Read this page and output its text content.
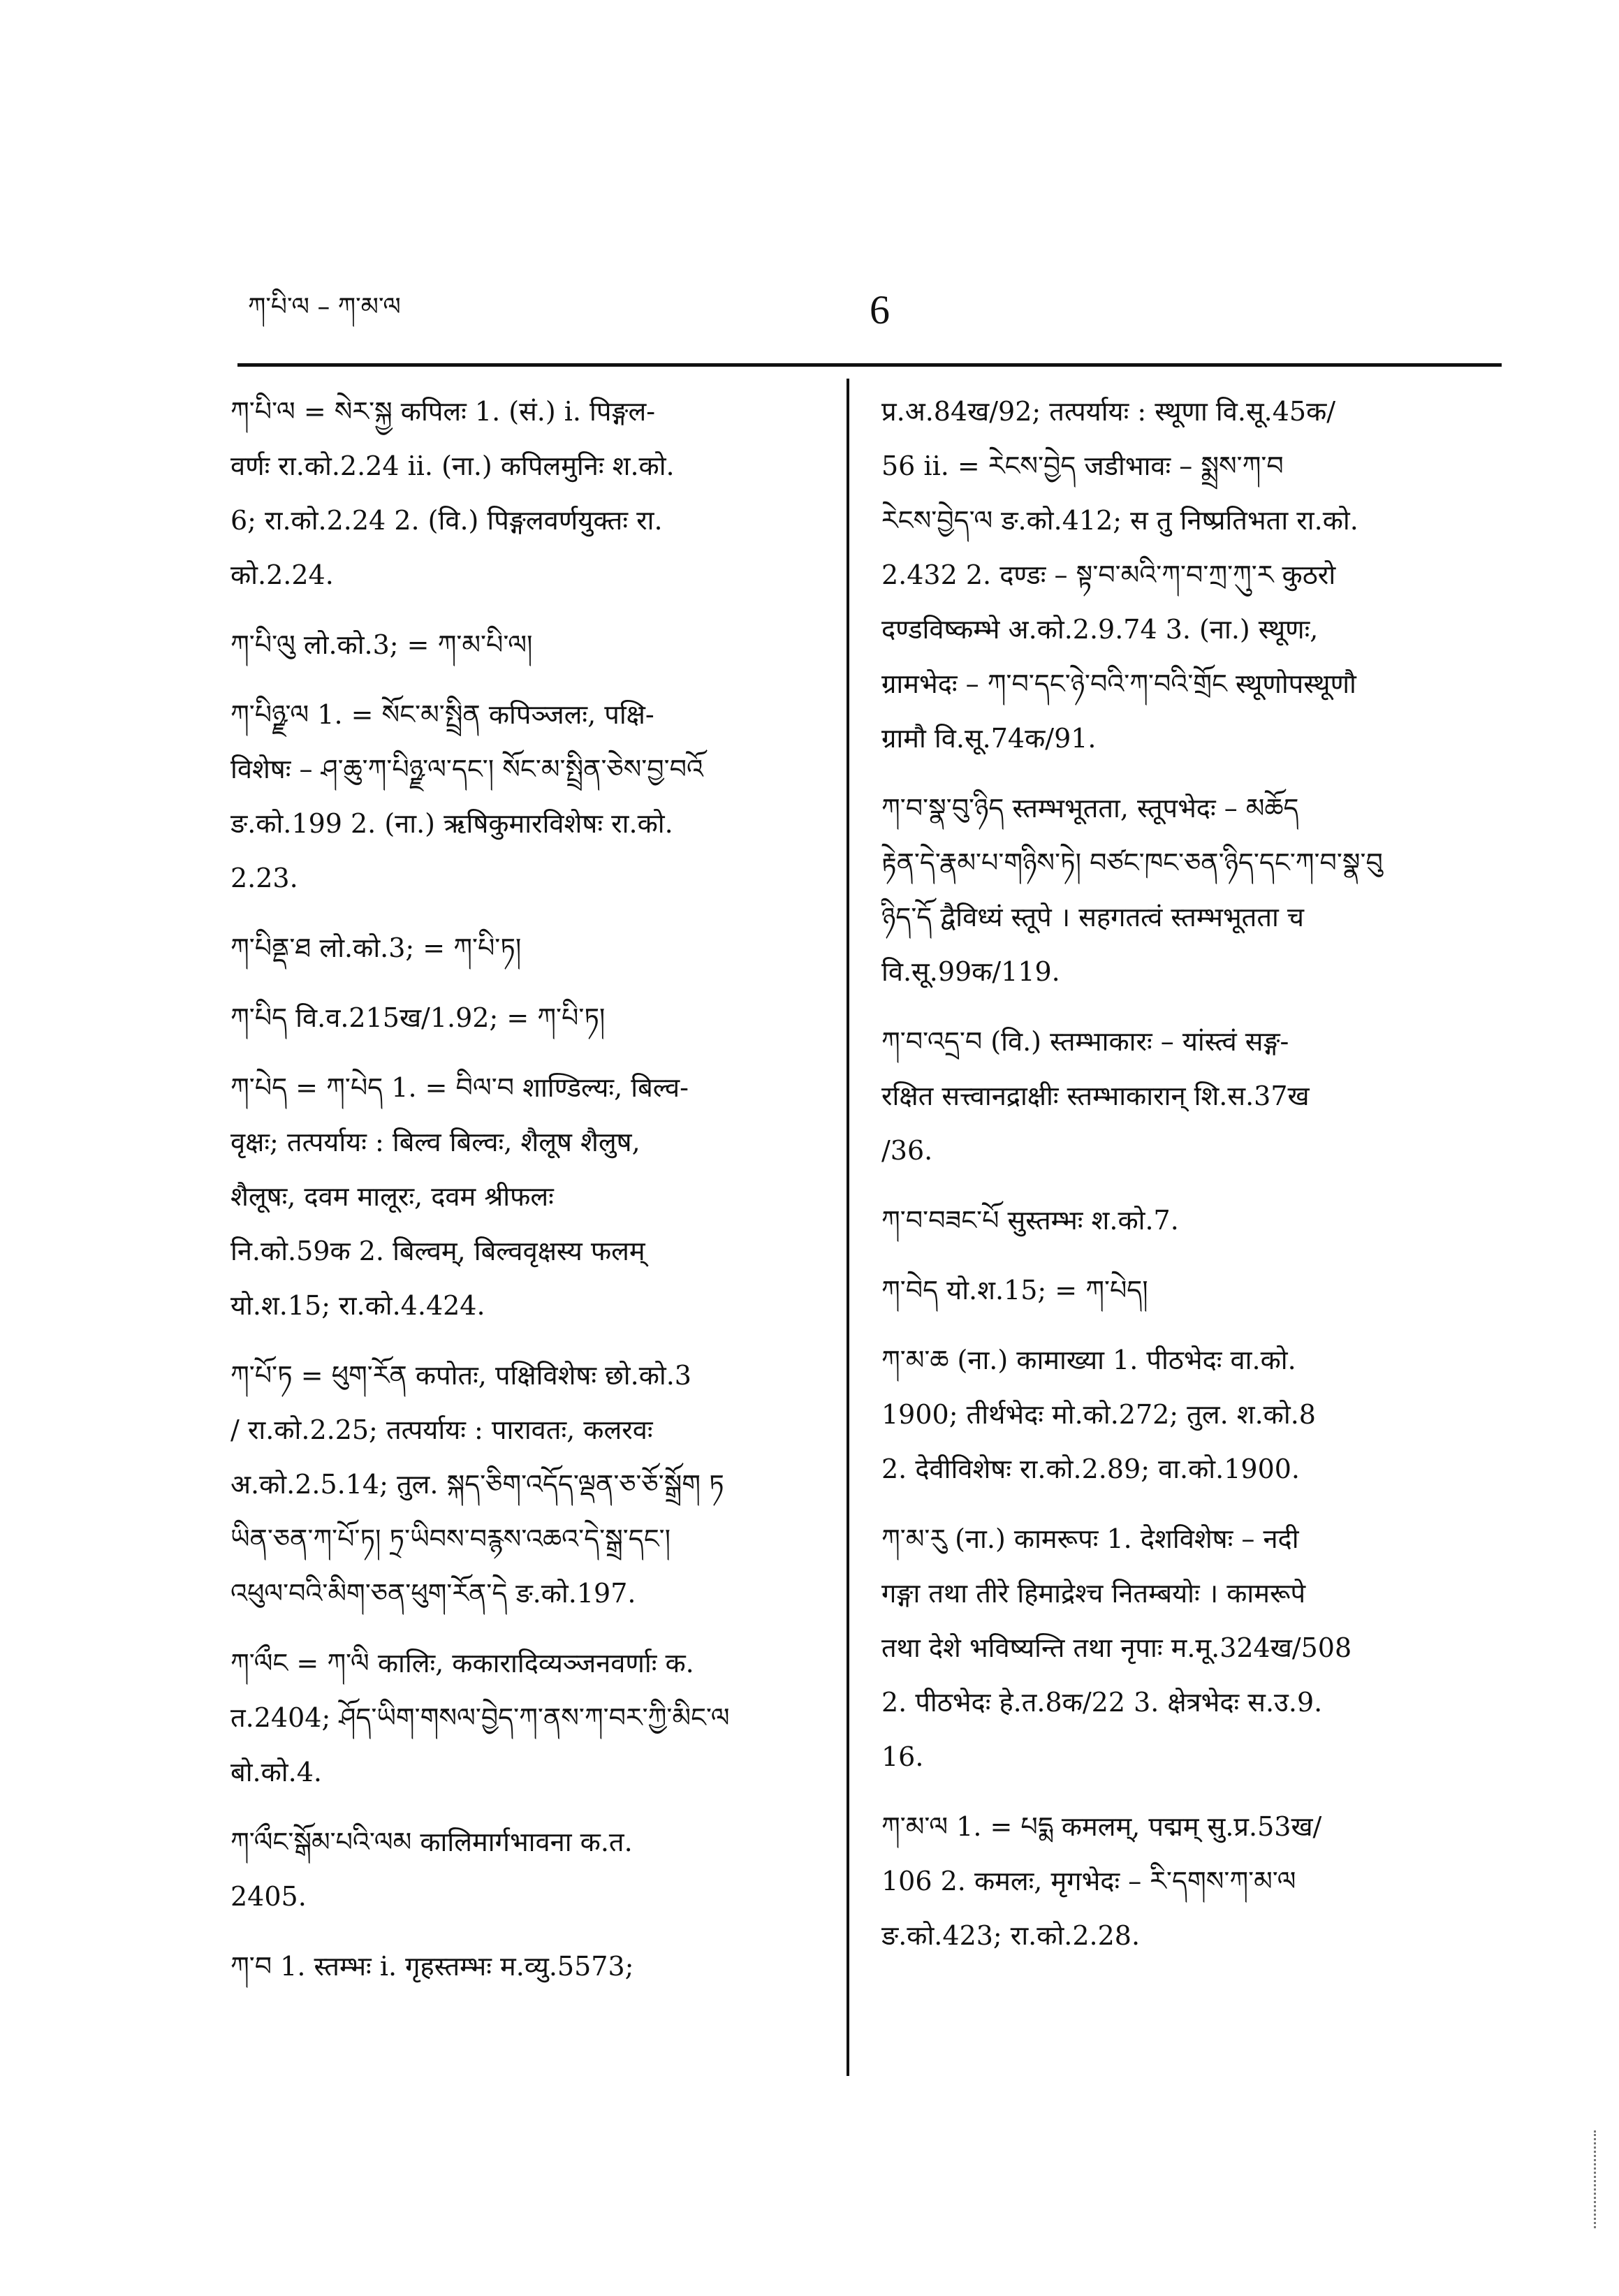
ཀ་པི་ལ – ཀ་མ་ལ	6
ཀ་པི་ལ = སེར་སྐྱ कपिलः 1. (सं.) i. पिङ्गल-
वर्णः रा.को.2.24 ii. (ना.) कपिलमुनिः श.को.
6; रा.को.2.24 2. (वि.) पिङ्गलवर्णयुक्तः रा.
को.2.24.
ཀ་པི་ལུ लो.को.3; = ཀ་མ་པི་ལ།
ཀ་པིཉྫ་ལ 1. = སོང་མ་སྤྲིན कपिञ्जलः, पक्षि-
विशेषः – ཤ་ཆུ་ཀ་པིཉྫ་ལ་དང་། སོང་མ་སྤྲིན་ཅེས་བྱ་བའོ
ङ.को.199 2. (ना.) ऋषिकुमारविशेषः रा.को.
2.23.
ཀ་པིནྡ་ཐ लो.को.3; = ཀ་པི་ཏ།
ཀ་པིད वि.व.215ख/1.92; = ཀ་པི་ཏ།
ཀ་པེད = ཀ་པེད 1. = བིལ་བ शाण्डिल्यः, बिल्व-
वृक्षः; तत्पर्यायः : बिल्व बिल्वः, शैलूष शैलुष,
शैलूषः, दवम मालूरः, दवम श्रीफलः
नि.को.59क 2. बिल्वम्, बिल्ववृक्षस्य फलम्
यो.श.15; रा.को.4.424.
ཀ་པོ་ཏ = ཕུག་རོན कपोतः, पक्षिविशेषः छो.को.3
/ रा.को.2.25; तत्पर्यायः : पारावतः, कलरवः
अ.को.2.5.14; तुल. སྐད་ཅིག་འདོད་ལྡན་ཅ་ཅོ་སྒྲོག ཏ
ཡིན་ཅན་ཀ་པོ་ཏ། ཏྲ་ཡིབས་བརྙས་འཆའ་དེ་སྒྲ་དང་།
འཕུལ་བའི་མིག་ཅན་ཕུག་རོན་དེ ङ.को.197.
ཀ་ལྀང = ཀ་ལི कालिः, ककारादिव्यञ्जनवर्णाः क.
त.2404; ཤོད་ཡིག་གསལ་བྱེད་ཀ་ནས་ཀ་བར་ཀྱི་མིང་ལ
बो.को.4.
ཀ་ལྀང་སྒོམ་པའི་ལམ कालिमार्गभावना क.त.
2405.
ཀ་བ 1. स्तम्भः i. गृहस्तम्भः म.व्यु.5573;
प्र.अ.84ख/92; तत्पर्यायः : स्थूणा वि.सू.45क/
56 ii. = རེངས་བྱེད जडीभावः – སྨྲས་ཀ་བ
རེངས་བྱེད་ལ ङ.को.412; स तु निष्प्रतिभता रा.को.
2.432 2. दण्डः – སྟ་བ་མའི་ཀ་བ་ཀྲ་ཀུ་ར कुठरो
दण्डविष्कम्भे अ.को.2.9.74 3. (ना.) स्थूणः,
ग्रामभेदः – ཀ་བ་དང་ཉེ་བའི་ཀ་བའི་གྲོང स्थूणोपस्थूणौ
ग्रामौ वि.सू.74क/91.
ཀ་བ་སྣ་བུ་ཉིད स्तम्भभूतता, स्तूपभेदः – མཆོད
རྟེན་དེ་རྣམ་པ་གཉིས་ཏེ། བཙང་ཁང་ཅན་ཉིད་དང་ཀ་བ་སྣ་བུ
ཉིད་དོ द्वैविध्यं स्तूपे । सहगतत्वं स्तम्भभूतता च
वि.सू.99क/119.
ཀ་བ་འདྲ་བ (वि.) स्तम्भाकारः – यांस्त्वं सङ्ग-
रक्षित सत्त्वानद्राक्षीः स्तम्भाकारान् शि.स.37ख
/36.
ཀ་བ་བཟང་པོ सुस्तम्भः श.को.7.
ཀ་བེད यो.श.15; = ཀ་པེད།
ཀ་མ་ཆ (ना.) कामाख्या 1. पीठभेदः वा.को.
1900; तीर्थभेदः मो.को.272; तुल. श.को.8
2. देवीविशेषः रा.को.2.89; वा.को.1900.
ཀ་མ་རུ (ना.) कामरूपः 1. देशविशेषः – नदी
गङ्गा तथा तीरे हिमाद्रेश्च नितम्बयोः । कामरूपे
तथा देशे भविष्यन्ति तथा नृपाः म.मू.324ख/508
2. पीठभेदः हे.त.8क/22 3. क्षेत्रभेदः स.उ.9.
16.
ཀ་མ་ལ 1. = པདྨ कमलम्, पद्मम् सु.प्र.53ख/
106 2. कमलः, मृगभेदः – རི་དགས་ཀ་མ་ལ
ङ.को.423; रा.को.2.28.
